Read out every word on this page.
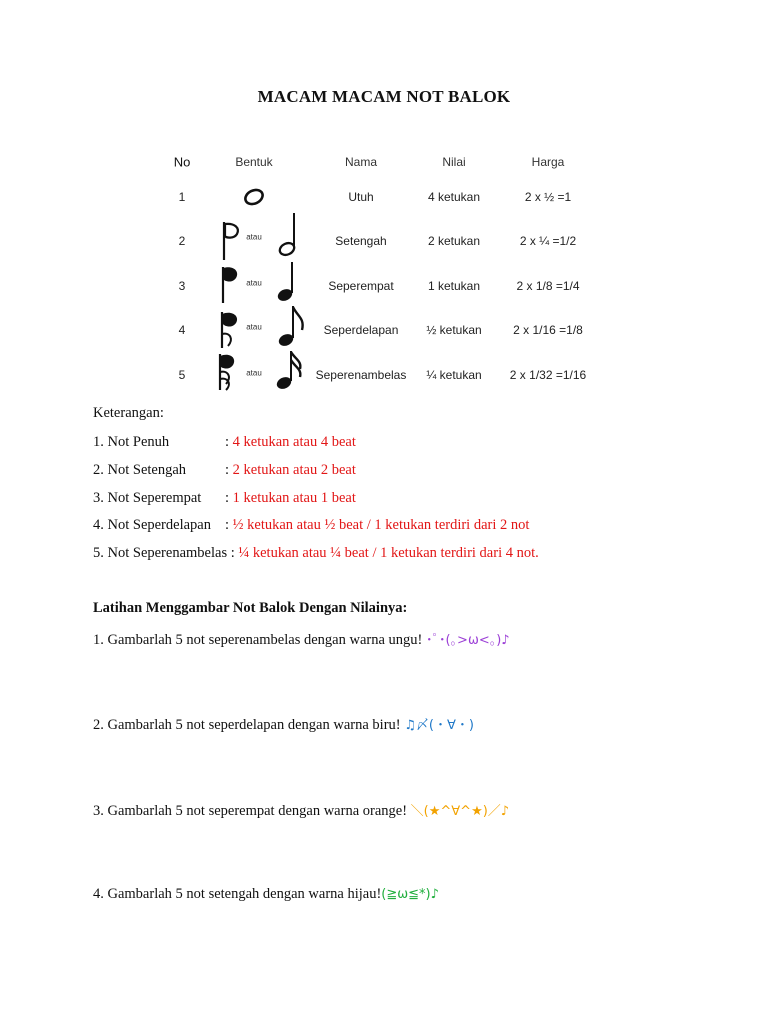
MACAM MACAM NOT BALOK
No	Bentuk	Nama	Nilai	Harga
1	Utuh	4 ketukan	2 x ½ =1
2	Setengah	2 ketukan	2 x ¼ =1/2
atau
3	Seperempat	1 ketukan	2 x 1/8 =1/4
atau
4	Seperdelapan ½ ketukan	2 x 1/16 =1/8
atau
5	Seperenambelas ¼ ketukan 2 x 1/32 =1/16
atau
Keterangan:
1. Not Penuh	: 4 ketukan atau 4 beat
2. Not Setengah	: 2 ketukan atau 2 beat
3. Not Seperempat : 1 ketukan atau 1 beat
4. Not Seperdelapan : ½ ketukan atau ½ beat / 1 ketukan terdiri dari 2 not
5. Not Seperenambelas : ¼ ketukan atau ¼ beat / 1 ketukan terdiri dari 4 not.
Latihan Menggambar Not Balok Dengan Nilainya:
1. Gambarlah 5 not seperenambelas dengan warna ungu! ･ﾟ･(｡>ω<｡)♪
2. Gambarlah 5 not seperdelapan dengan warna biru! ♫〆(・∀・)
3. Gambarlah 5 not seperempat dengan warna orange! ＼(★^∀^★)／♪
4. Gambarlah 5 not setengah dengan warna hijau!(≧ω≦*)♪
